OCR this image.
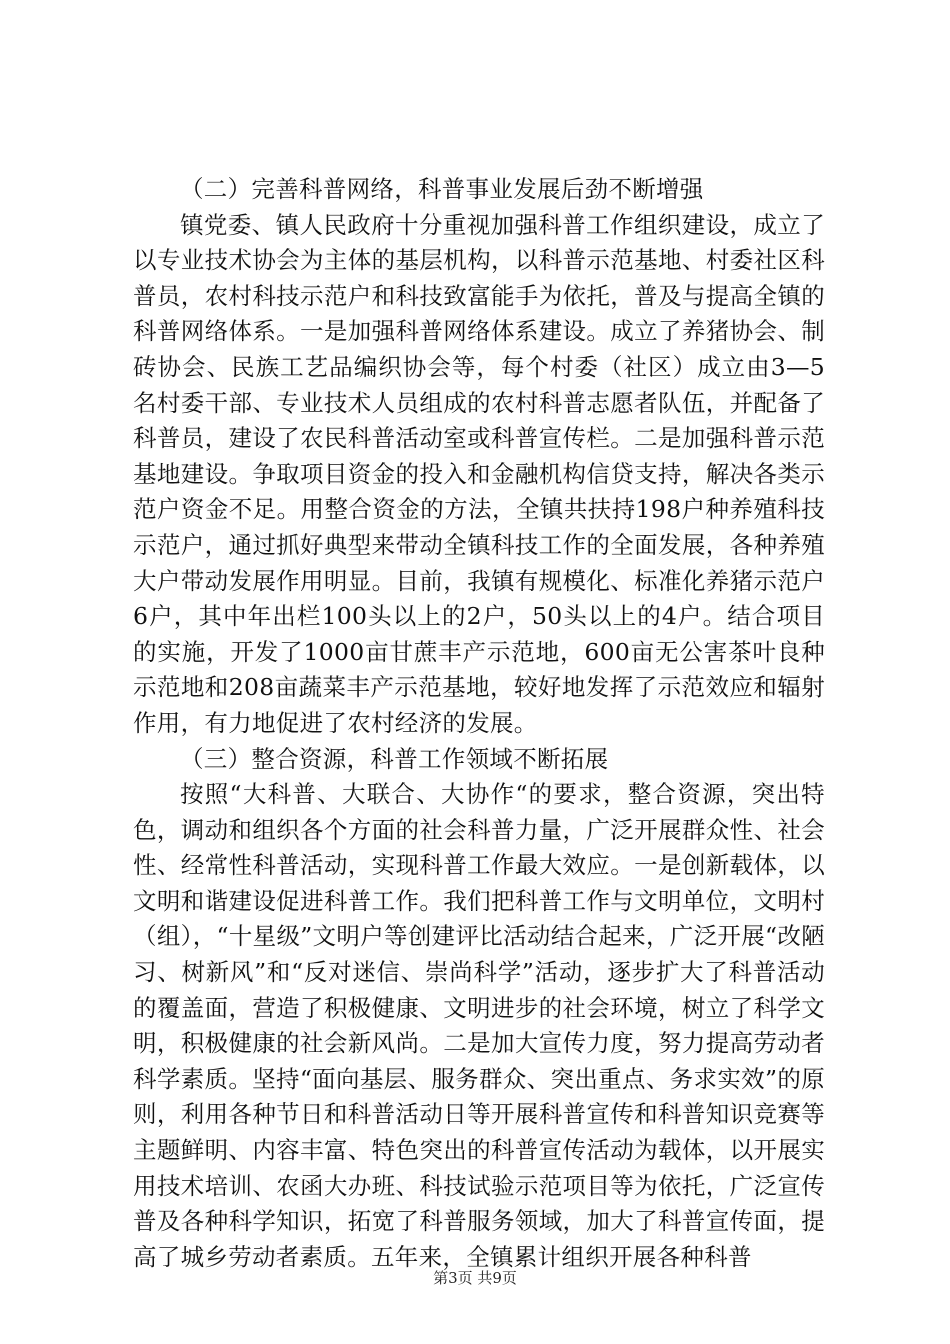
（二）完善科普网络，科普事业发展后劲不断增强

镇党委、镇人民政府十分重视加强科普工作组织建设，成立了以专业技术协会为主体的基层机构，以科普示范基地、村委社区科普员，农村科技示范户和科技致富能手为依托，普及与提高全镇的科普网络体系。一是加强科普网络体系建设。成立了养猪协会、制砖协会、民族工艺品编织协会等，每个村委（社区）成立由3—5名村委干部、专业技术人员组成的农村科普志愿者队伍，并配备了科普员，建设了农民科普活动室或科普宣传栏。二是加强科普示范基地建设。争取项目资金的投入和金融机构信贷支持，解决各类示范户资金不足。用整合资金的方法，全镇共扶持198户种养殖科技示范户，通过抓好典型来带动全镇科技工作的全面发展，各种养殖大户带动发展作用明显。目前，我镇有规模化、标准化养猪示范户6户，其中年出栏100头以上的2户，50头以上的4户。结合项目的实施，开发了1000亩甘蔗丰产示范地，600亩无公害茶叶良种示范地和208亩蔬菜丰产示范基地，较好地发挥了示范效应和辐射作用，有力地促进了农村经济的发展。

（三）整合资源，科普工作领域不断拓展

按照“大科普、大联合、大协作“的要求，整合资源，突出特色，调动和组织各个方面的社会科普力量，广泛开展群众性、社会性、经常性科普活动，实现科普工作最大效应。一是创新载体，以文明和谐建设促进科普工作。我们把科普工作与文明单位，文明村（组），“十星级”文明户等创建评比活动结合起来，广泛开展“改陋习、树新风”和“反对迷信、崇尚科学”活动，逐步扩大了科普活动的覆盖面，营造了积极健康、文明进步的社会环境，树立了科学文明，积极健康的社会新风尚。二是加大宣传力度，努力提高劳动者科学素质。坚持“面向基层、服务群众、突出重点、务求实效”的原则，利用各种节日和科普活动日等开展科普宣传和科普知识竞赛等主题鲜明、内容丰富、特色突出的科普宣传活动为载体，以开展实用技术培训、农函大办班、科技试验示范项目等为依托，广泛宣传普及各种科学知识，拓宽了科普服务领域，加大了科普宣传面，提高了城乡劳动者素质。五年来，全镇累计组织开展各种科普

第3页 共9页
